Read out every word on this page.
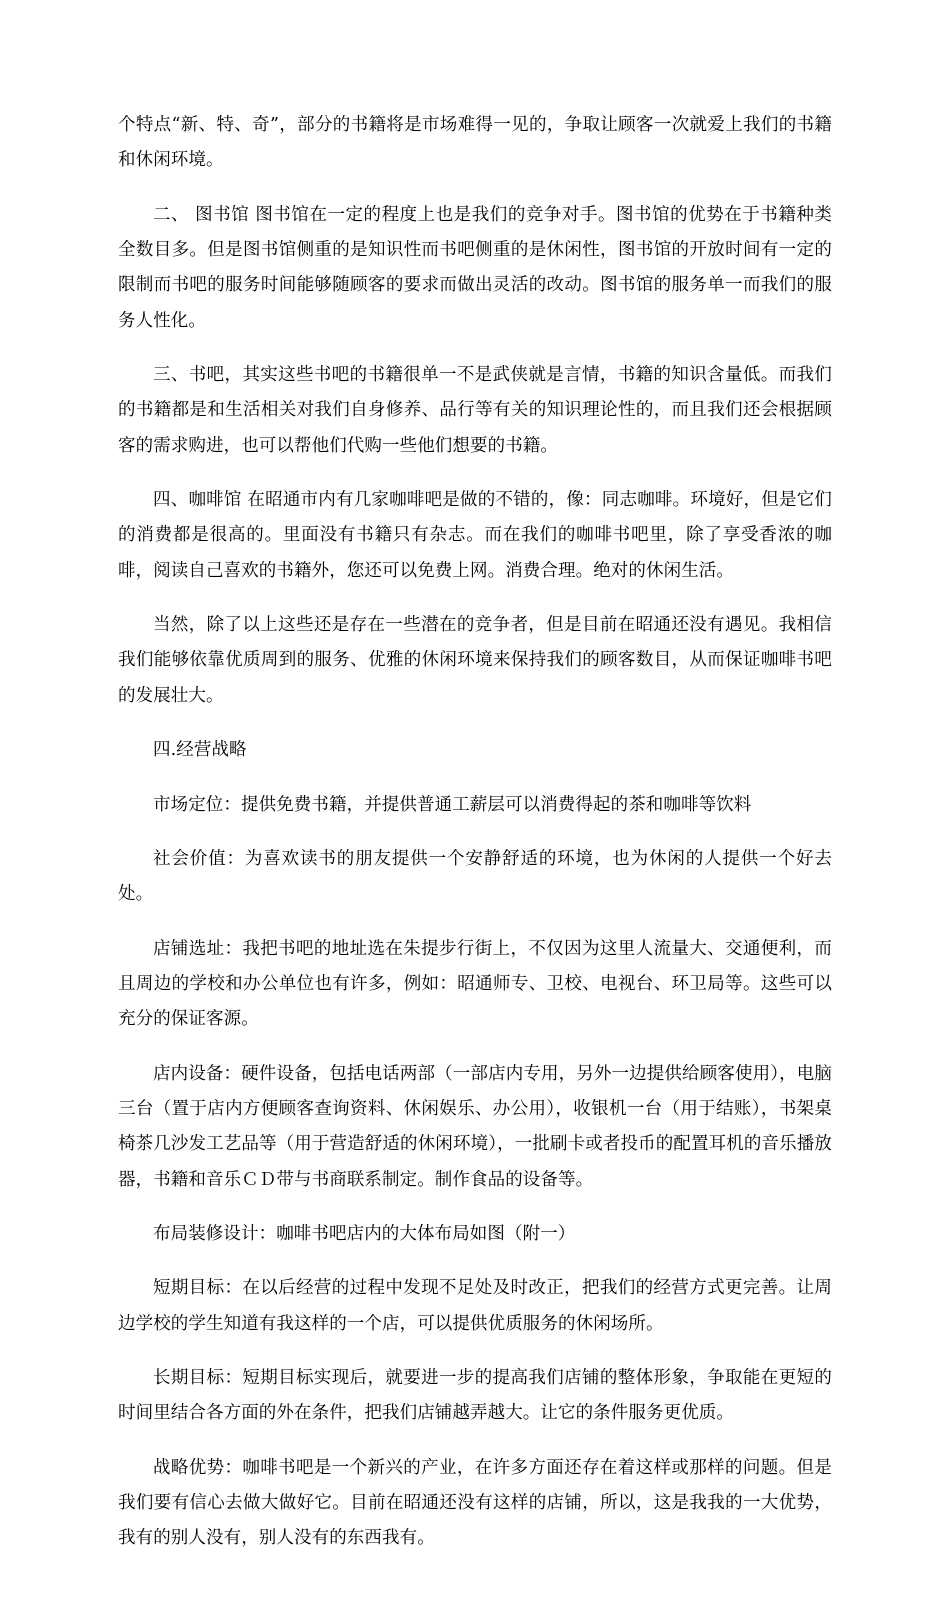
个特点“新、特、奇”，部分的书籍将是市场难得一见的，争取让顾客一次就爱上我们的书籍和休闲环境。

二、 图书馆 图书馆在一定的程度上也是我们的竞争对手。图书馆的优势在于书籍种类全数目多。但是图书馆侧重的是知识性而书吧侧重的是休闲性，图书馆的开放时间有一定的限制而书吧的服务时间能够随顾客的要求而做出灵活的改动。图书馆的服务单一而我们的服务人性化。

三、书吧，其实这些书吧的书籍很单一不是武侠就是言情，书籍的知识含量低。而我们的书籍都是和生活相关对我们自身修养、品行等有关的知识理论性的，而且我们还会根据顾客的需求购进，也可以帮他们代购一些他们想要的书籍。

四、咖啡馆 在昭通市内有几家咖啡吧是做的不错的，像：同志咖啡。环境好，但是它们的消费都是很高的。里面没有书籍只有杂志。而在我们的咖啡书吧里，除了享受香浓的咖啡，阅读自己喜欢的书籍外，您还可以免费上网。消费合理。绝对的休闲生活。

当然，除了以上这些还是存在一些潜在的竞争者，但是目前在昭通还没有遇见。我相信我们能够依靠优质周到的服务、优雅的休闲环境来保持我们的顾客数目，从而保证咖啡书吧的发展壮大。

四.经营战略

市场定位：提供免费书籍，并提供普通工薪层可以消费得起的茶和咖啡等饮料

社会价值：为喜欢读书的朋友提供一个安静舒适的环境，也为休闲的人提供一个好去处。

店铺选址：我把书吧的地址选在朱提步行街上，不仅因为这里人流量大、交通便利，而且周边的学校和办公单位也有许多，例如：昭通师专、卫校、电视台、环卫局等。这些可以充分的保证客源。

店内设备：硬件设备，包括电话两部（一部店内专用，另外一边提供给顾客使用），电脑三台（置于店内方便顾客查询资料、休闲娱乐、办公用），收银机一台（用于结账），书架桌椅茶几沙发工艺品等（用于营造舒适的休闲环境），一批刷卡或者投币的配置耳机的音乐播放器，书籍和音乐ＣＤ带与书商联系制定。制作食品的设备等。

布局装修设计：咖啡书吧店内的大体布局如图（附一）

短期目标：在以后经营的过程中发现不足处及时改正，把我们的经营方式更完善。让周边学校的学生知道有我这样的一个店，可以提供优质服务的休闲场所。

长期目标：短期目标实现后，就要进一步的提高我们店铺的整体形象，争取能在更短的时间里结合各方面的外在条件，把我们店铺越弄越大。让它的条件服务更优质。

战略优势：咖啡书吧是一个新兴的产业，在许多方面还存在着这样或那样的问题。但是我们要有信心去做大做好它。目前在昭通还没有这样的店铺，所以，这是我我的一大优势，我有的别人没有，别人没有的东西我有。
